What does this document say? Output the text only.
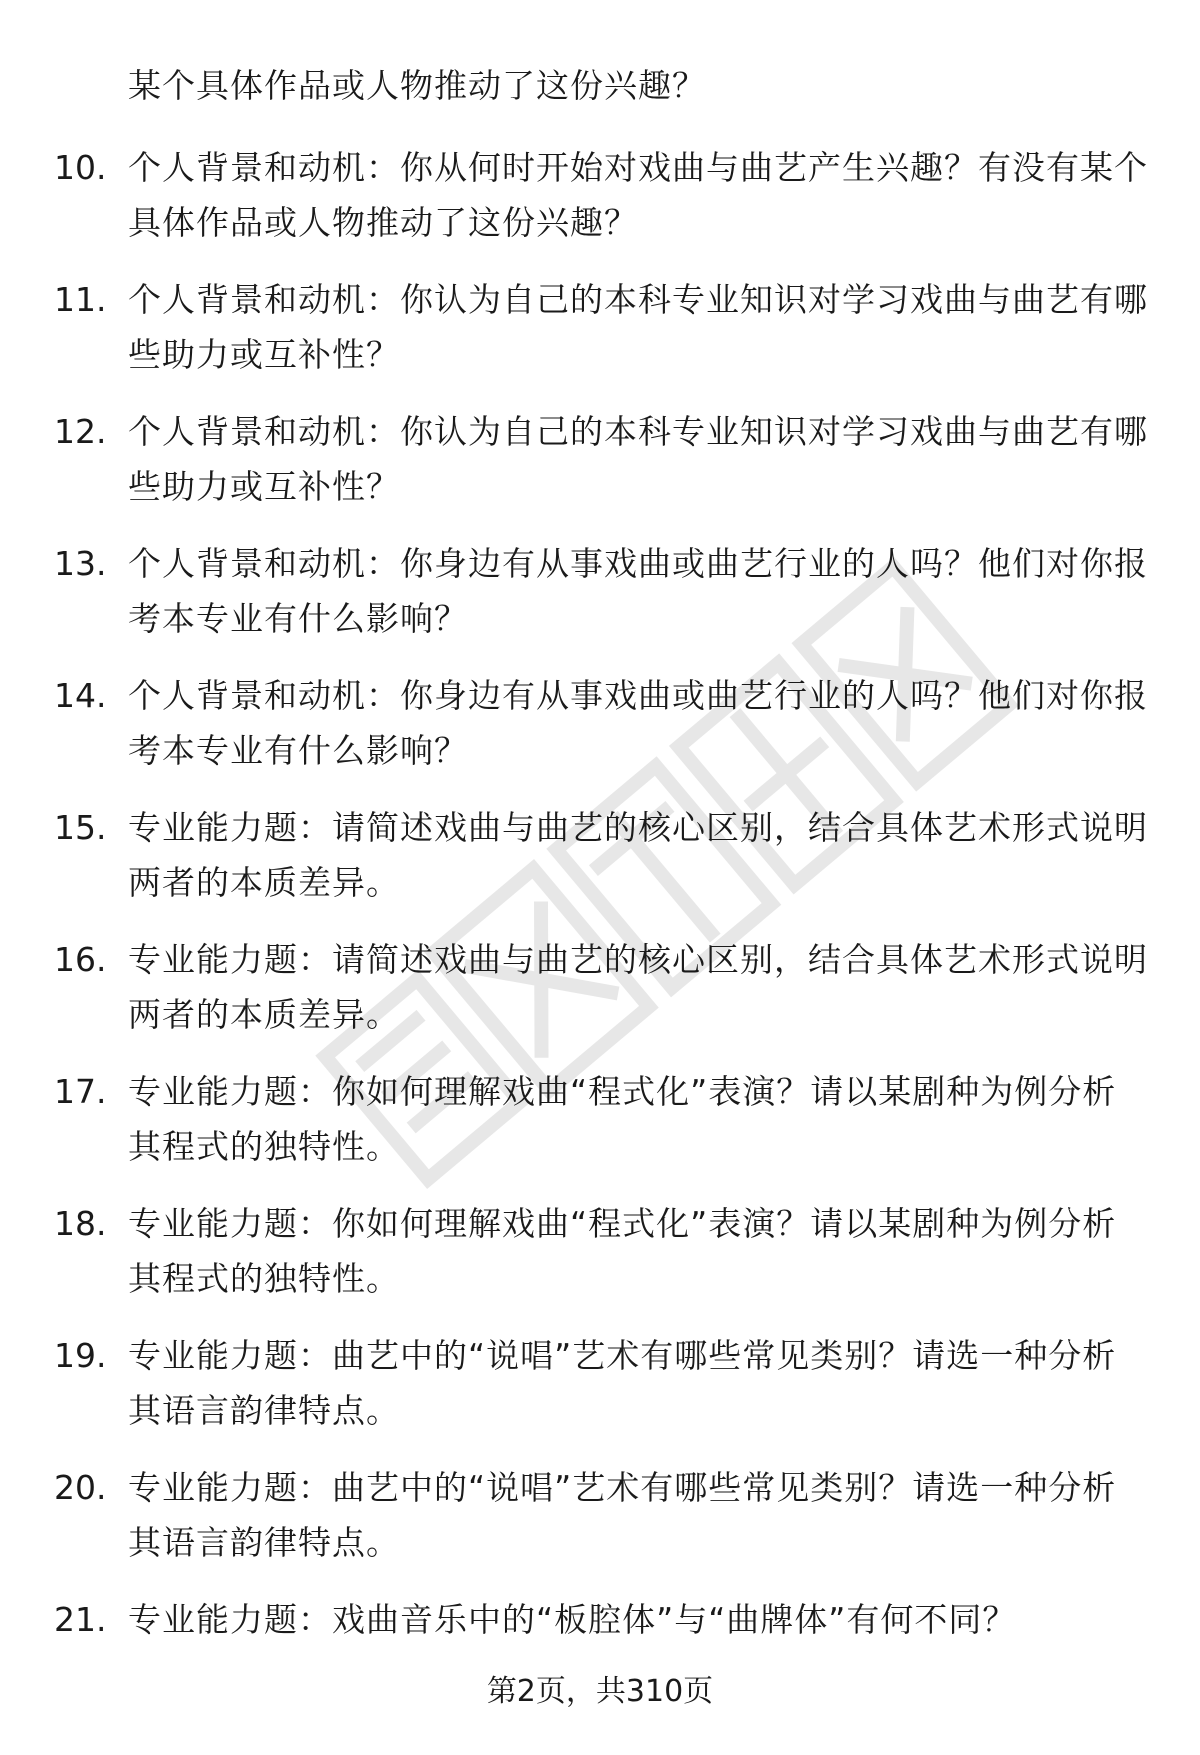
某个具体作品或人物推动了这份兴趣？
10. 个人背景和动机：你从何时开始对戏曲与曲艺产生兴趣？有没有某个具体作品或人物推动了这份兴趣？
11. 个人背景和动机：你认为自己的本科专业知识对学习戏曲与曲艺有哪些助力或互补性？
12. 个人背景和动机：你认为自己的本科专业知识对学习戏曲与曲艺有哪些助力或互补性？
13. 个人背景和动机：你身边有从事戏曲或曲艺行业的人吗？他们对你报考本专业有什么影响？
14. 个人背景和动机：你身边有从事戏曲或曲艺行业的人吗？他们对你报考本专业有什么影响？
15. 专业能力题：请简述戏曲与曲艺的核心区别，结合具体艺术形式说明两者的本质差异。
16. 专业能力题：请简述戏曲与曲艺的核心区别，结合具体艺术形式说明两者的本质差异。
17. 专业能力题：你如何理解戏曲“程式化”表演？请以某剧种为例分析其程式的独特性。
18. 专业能力题：你如何理解戏曲“程式化”表演？请以某剧种为例分析其程式的独特性。
19. 专业能力题：曲艺中的“说唱”艺术有哪些常见类别？请选一种分析其语言韵律特点。
20. 专业能力题：曲艺中的“说唱”艺术有哪些常见类别？请选一种分析其语言韵律特点。
21. 专业能力题：戏曲音乐中的“板腔体”与“曲牌体”有何不同？
第2页，共310页
